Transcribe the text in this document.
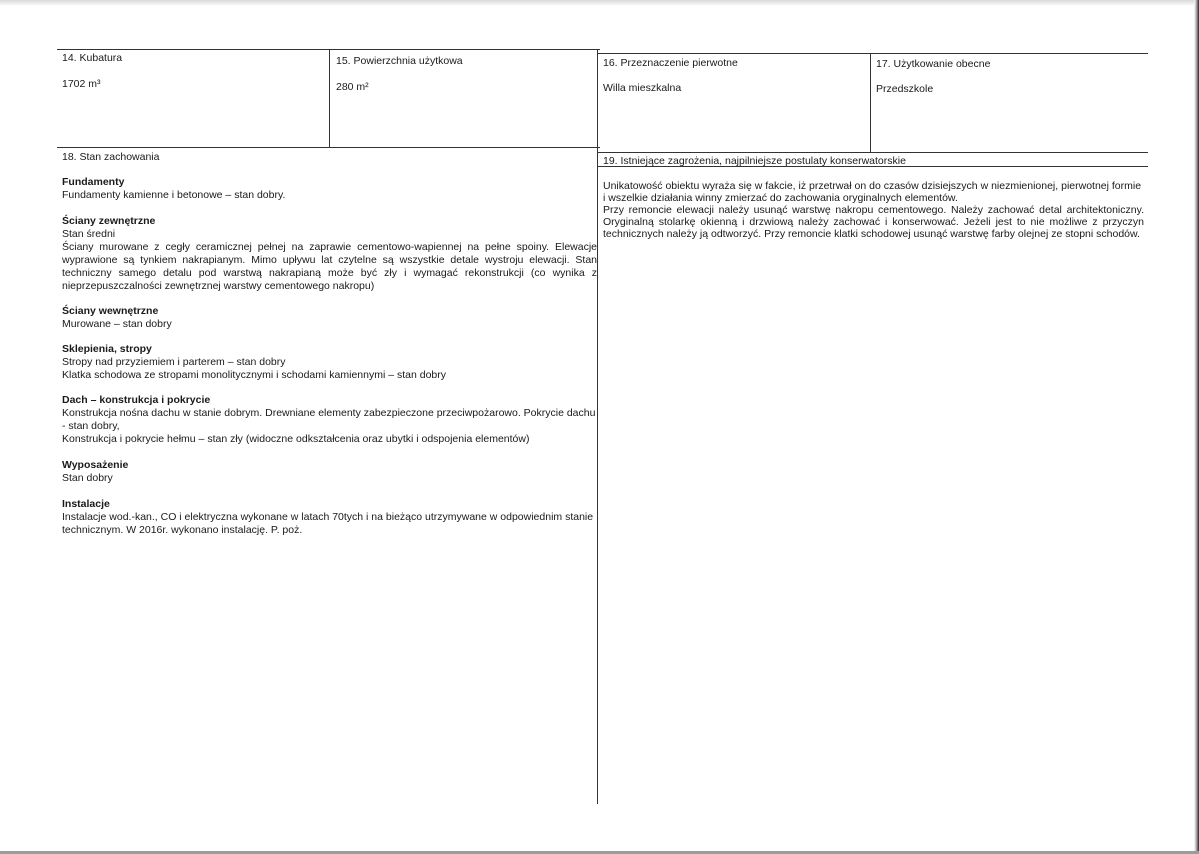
14. Kubatura
1702 m³
15. Powierzchnia użytkowa
280 m²
16. Przeznaczenie pierwotne
Willa mieszkalna
17. Użytkowanie obecne
Przedszkole
18. Stan zachowania

Fundamenty

Fundamenty kamienne i betonowe – stan dobry.

Ściany zewnętrzne

Stan średni

Ściany murowane z cegły ceramicznej pełnej na zaprawie cementowo-wapiennej na pełne spoiny. Elewacje wyprawione są tynkiem nakrapianym. Mimo upływu lat czytelne są wszystkie detale wystroju elewacji. Stan techniczny samego detalu pod warstwą nakrapianą może być zły i wymagać rekonstrukcji (co wynika z nieprzepuszczalności zewnętrznej warstwy cementowego nakropu)

Ściany wewnętrzne

Murowane – stan dobry

Sklepienia, stropy

Stropy nad przyziemiem i parterem – stan dobry

Klatka schodowa ze stropami monolitycznymi i schodami kamiennymi – stan dobry

Dach – konstrukcja i pokrycie

Konstrukcja nośna dachu w stanie dobrym. Drewniane elementy zabezpieczone przeciwpożarowo. Pokrycie dachu - stan dobry,

Konstrukcja i pokrycie hełmu – stan zły (widoczne odkształcenia oraz ubytki i odspojenia elementów)

Wyposażenie

Stan dobry

Instalacje

Instalacje wod.-kan., CO i elektryczna wykonane w latach 70tych i na bieżąco utrzymywane w odpowiednim stanie technicznym. W 2016r. wykonano instalację. P. poż.

19. Istniejące zagrożenia, najpilniejsze postulaty konserwatorskie

Unikatowość obiektu wyraża się w fakcie, iż przetrwał on do czasów dzisiejszych w niezmienionej, pierwotnej formie

i wszelkie działania winny zmierzać do zachowania oryginalnych elementów.

Przy remoncie elewacji należy usunąć warstwę nakropu cementowego. Należy zachować detal architektoniczny. Oryginalną stolarkę okienną i drzwiową należy zachować i konserwować. Jeżeli jest to nie możliwe z przyczyn technicznych należy ją odtworzyć. Przy remoncie klatki schodowej usunąć warstwę farby olejnej ze stopni schodów.
